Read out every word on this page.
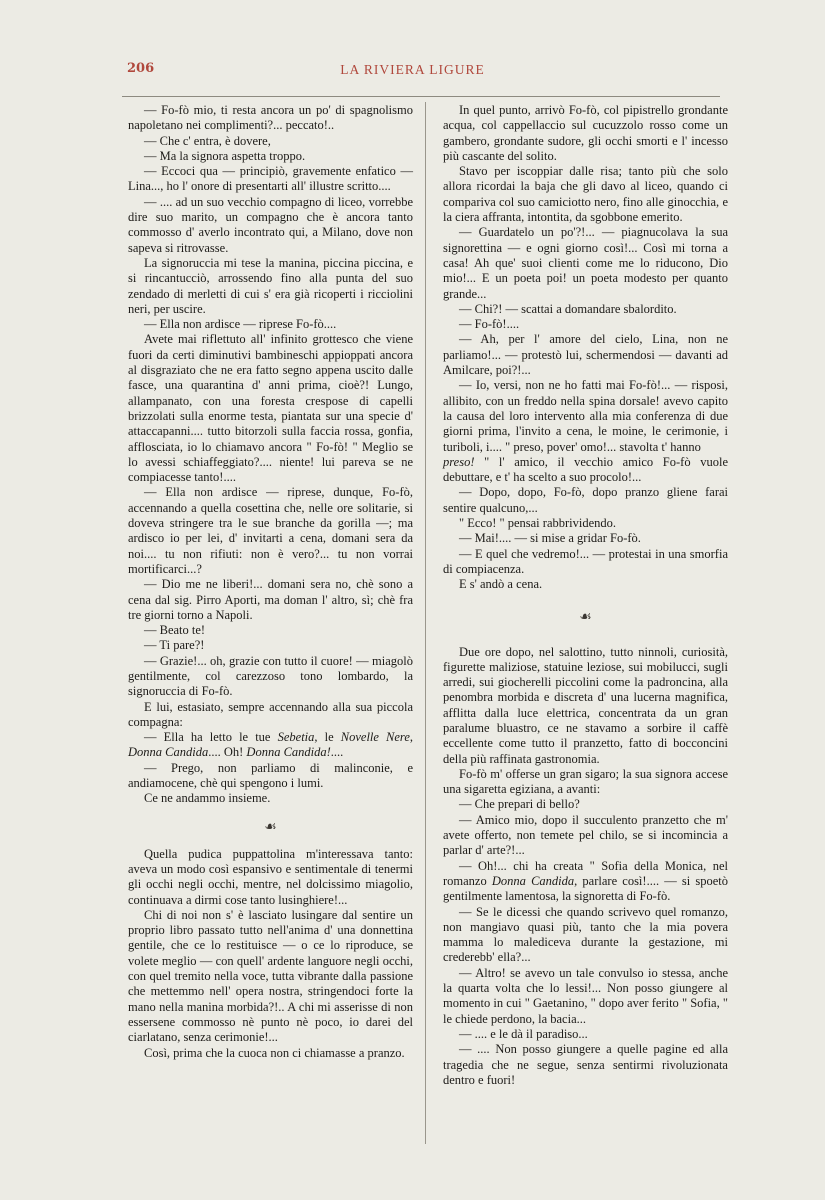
206	LA RIVIERA LIGURE

— Fo-fò mio, ti resta ancora un po' di spagnolismo napoletano nei complimenti?... peccato!..

— Che c' entra, è dovere,

— Ma la signora aspetta troppo.

— Eccoci qua — principiò, gravemente enfatico — Lina..., ho l' onore di presentarti all' illustre scritto....

— .... ad un suo vecchio compagno di liceo, vorrebbe dire suo marito, un compagno che è ancora tanto commosso d' averlo incontrato qui, a Milano, dove non sapeva si ritrovasse.

La signoruccia mi tese la manina, piccina piccina, e si rincantucciò, arrossendo fino alla punta del suo zendado di merletti di cui s' era già ricoperti i ricciolini neri, per uscire.

— Ella non ardisce — riprese Fo-fò....

Avete mai riflettuto all' infinito grottesco che viene fuori da certi diminutivi bambineschi appioppati ancora al disgraziato che ne era fatto segno appena uscito dalle fasce, una quarantina d' anni prima, cioè?! Lungo, allampanato, con una foresta crespose di capelli brizzolati sulla enorme testa, piantata sur una specie d' attaccapanni.... tutto bitorzoli sulla faccia rossa, gonfia, afflosciata, io lo chiamavo ancora " Fo-fò! " Meglio se lo avessi schiaffeggiato?.... niente! lui pareva se ne compiacesse tanto!....

— Ella non ardisce — riprese, dunque, Fo-fò, accennando a quella cosettina che, nelle ore solitarie, si doveva stringere tra le sue branche da gorilla —; ma ardisco io per lei, d' invitarti a cena, domani sera da noi.... tu non rifiuti: non è vero?... tu non vorrai mortificarci...?

— Dio me ne liberi!... domani sera no, chè sono a cena dal sig. Pirro Aporti, ma doman l' altro, sì; chè fra tre giorni torno a Napoli.

— Beato te!

— Ti pare?!

— Grazie!... oh, grazie con tutto il cuore! — miagolò gentilmente, col carezzoso tono lombardo, la signoruccia di Fo-fò.

E lui, estasiato, sempre accennando alla sua piccola compagna:

— Ella ha letto le tue Sebetia, le Novelle Nere, Donna Candida.... Oh! Donna Candida!....

— Prego, non parliamo di malinconie, e andiamocene, chè qui spengono i lumi.

Ce ne andammo insieme.

☙

Quella pudica puppattolina m'interessava tanto: aveva un modo così espansivo e sentimentale di tenermi gli occhi negli occhi, mentre, nel dolcissimo miagolio, continuava a dirmi cose tanto lusinghiere!...

Chi di noi non s' è lasciato lusingare dal sentire un proprio libro passato tutto nell'anima d' una donnettina gentile, che ce lo restituisce — o ce lo riproduce, se volete meglio — con quell' ardente languore negli occhi, con quel tremito nella voce, tutta vibrante dalla passione che mettemmo nell' opera nostra, stringendoci forte la mano nella manina morbida?!.. A chi mi asserisse di non essersene commosso nè punto nè poco, io darei del ciarlatano, senza cerimonie!...

Così, prima che la cuoca non ci chiamasse a pranzo.

In quel punto, arrivò Fo-fò, col pipistrello grondante acqua, col cappellaccio sul cucuzzolo rosso come un gambero, grondante sudore, gli occhi smorti e l' incesso più cascante del solito.

Stavo per iscoppiar dalle risa; tanto più che solo allora ricordai la baja che gli davo al liceo, quando ci compariva col suo camiciotto nero, fino alle ginocchia, e la ciera affranta, intontita, da sgobbone emerito.

— Guardatelo un po'?!... — piagnucolava la sua signorettina — e ogni giorno così!... Così mi torna a casa! Ah que' suoi clienti come me lo riducono, Dio mio!... E un poeta poi! un poeta modesto per quanto grande...

— Chi?! — scattai a domandare sbalordito.

— Fo-fò!....

— Ah, per l' amore del cielo, Lina, non ne parliamo!... — protestò lui, schermendosi — davanti ad Amilcare, poi?!...

— Io, versi, non ne ho fatti mai Fo-fò!... — risposi, allibito, con un freddo nella spina dorsale! avevo capito la causa del loro intervento alla mia conferenza di due giorni prima, l'invito a cena, le moine, le cerimonie, i turiboli, i.... " preso, pover' omo!... stavolta t' hanno

preso! " l' amico, il vecchio amico Fo-fò vuole debuttare, e t' ha scelto a suo procolo!...

— Dopo, dopo, Fo-fò, dopo pranzo gliene farai sentire qualcuno,...

" Ecco! " pensai rabbrividendo.

— Mai!.... — si mise a gridar Fo-fò.

— E quel che vedremo!... — protestai in una smorfia di compiacenza.

E s' andò a cena.

☙

Due ore dopo, nel salottino, tutto ninnoli, curiosità, figurette maliziose, statuine leziose, sui mobilucci, sugli arredi, sui giocherelli piccolini come la padroncina, alla penombra morbida e discreta d' una lucerna magnifica, afflitta dalla luce elettrica, concentrata da un gran paralume bluastro, ce ne stavamo a sorbire il caffè eccellente come tutto il pranzetto, fatto di bocconcini della più raffinata gastronomia.

Fo-fò m' offerse un gran sigaro; la sua signora accese una sigaretta egiziana, a avanti:

— Che prepari di bello?

— Amico mio, dopo il succulento pranzetto che m' avete offerto, non temete pel chilo, se si incomincia a parlar d' arte?!...

— Oh!... chi ha creata " Sofia della Monica, nel romanzo Donna Candida, parlare così!.... — si spoetò gentilmente lamentosa, la signoretta di Fo-fò.

— Se le dicessi che quando scrivevo quel romanzo, non mangiavo quasi più, tanto che la mia povera mamma lo malediceva durante la gestazione, mi crederebb' ella?...

— Altro! se avevo un tale convulso io stessa, anche la quarta volta che lo lessi!... Non posso giungere al momento in cui " Gaetanino, " dopo aver ferito " Sofia, " le chiede perdono, la bacia...

— .... e le dà il paradiso...

— .... Non posso giungere a quelle pagine ed alla tragedia che ne segue, senza sentirmi rivoluzionata dentro e fuori!
